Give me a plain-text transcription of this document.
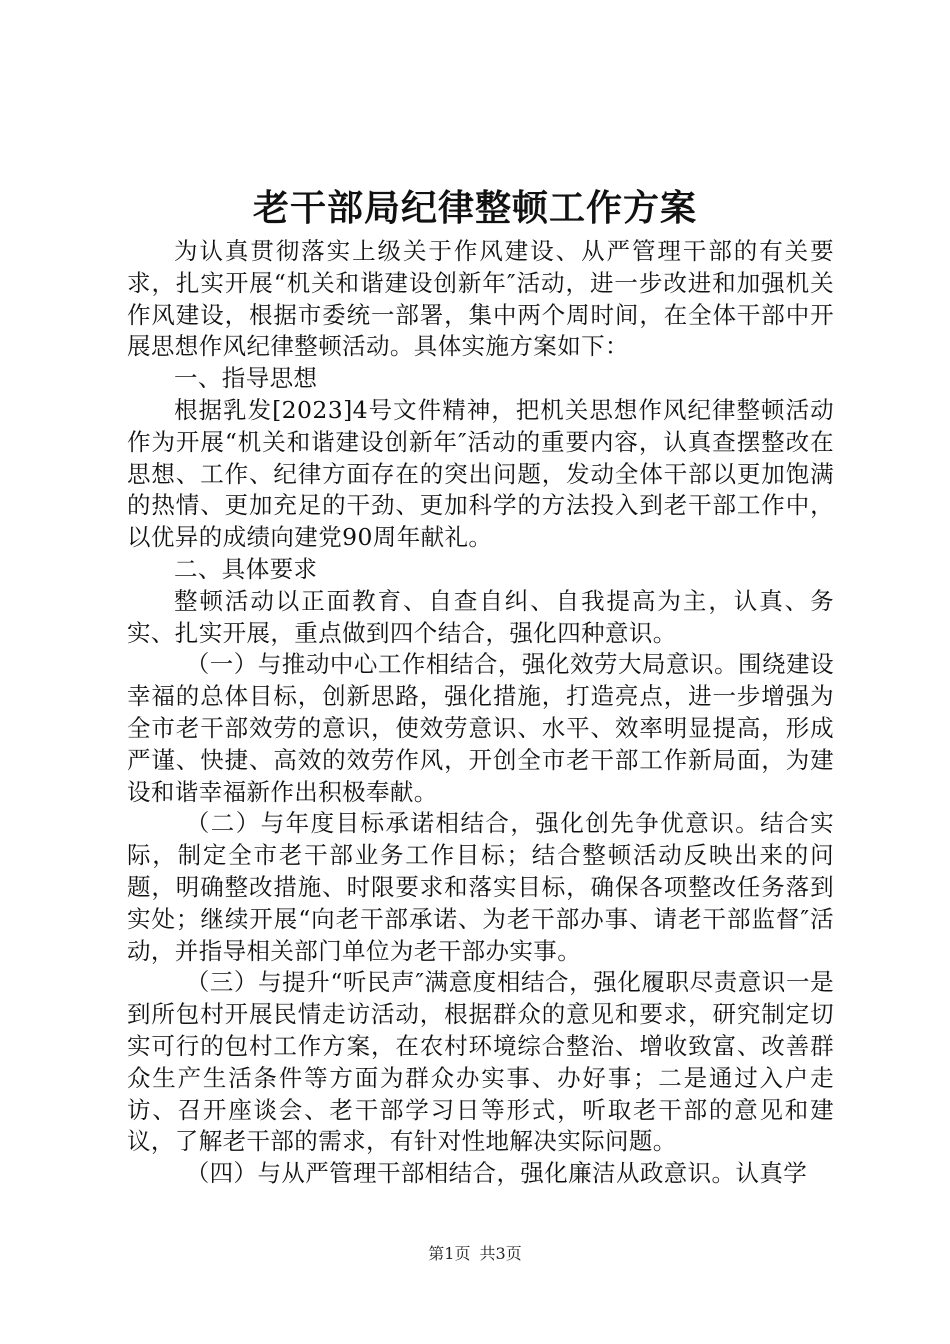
老干部局纪律整顿工作方案

为认真贯彻落实上级关于作风建设、从严管理干部的有关要求，扎实开展“机关和谐建设创新年″活动，进一步改进和加强机关作风建设，根据市委统一部署，集中两个周时间，在全体干部中开展思想作风纪律整顿活动。具体实施方案如下：

一、指导思想

根据乳发[2023]4号文件精神，把机关思想作风纪律整顿活动作为开展“机关和谐建设创新年″活动的重要内容，认真查摆整改在思想、工作、纪律方面存在的突出问题，发动全体干部以更加饱满的热情、更加充足的干劲、更加科学的方法投入到老干部工作中，以优异的成绩向建党90周年献礼。

二、具体要求

整顿活动以正面教育、自查自纠、自我提高为主，认真、务实、扎实开展，重点做到四个结合，强化四种意识。

（一）与推动中心工作相结合，强化效劳大局意识。围绕建设幸福的总体目标，创新思路，强化措施，打造亮点，进一步增强为全市老干部效劳的意识，使效劳意识、水平、效率明显提高，形成严谨、快捷、高效的效劳作风，开创全市老干部工作新局面，为建设和谐幸福新作出积极奉献。

（二）与年度目标承诺相结合，强化创先争优意识。结合实际，制定全市老干部业务工作目标；结合整顿活动反映出来的问题，明确整改措施、时限要求和落实目标，确保各项整改任务落到实处；继续开展“向老干部承诺、为老干部办事、请老干部监督″活动，并指导相关部门单位为老干部办实事。

（三）与提升“听民声″满意度相结合，强化履职尽责意识一是到所包村开展民情走访活动，根据群众的意见和要求，研究制定切实可行的包村工作方案，在农村环境综合整治、增收致富、改善群众生产生活条件等方面为群众办实事、办好事；二是通过入户走访、召开座谈会、老干部学习日等形式，听取老干部的意见和建议，了解老干部的需求，有针对性地解决实际问题。

（四）与从严管理干部相结合，强化廉洁从政意识。认真学

第1页 共3页
